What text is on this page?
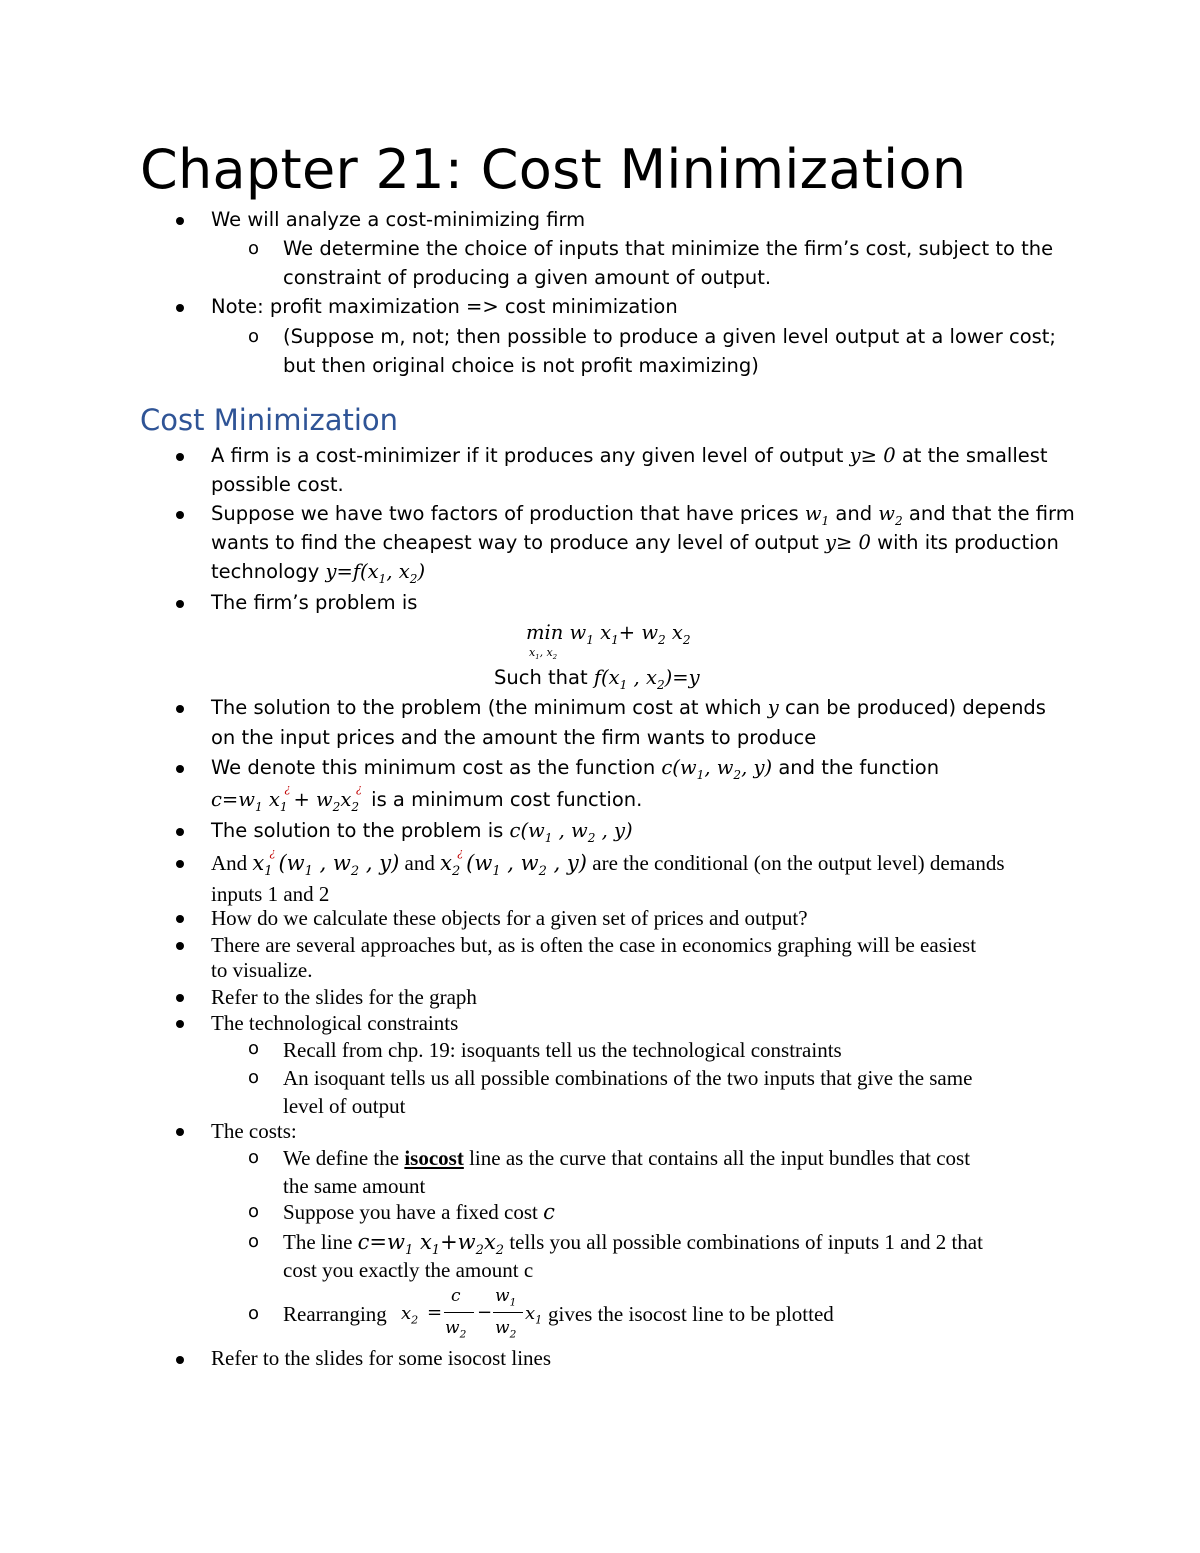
Chapter 21: Cost Minimization
We will analyze a cost-minimizing firm
o We determine the choice of inputs that minimize the firm’s cost, subject to the
constraint of producing a given amount of output.
Note: profit maximization => cost minimization
o (Suppose m, not; then possible to produce a given level output at a lower cost;
but then original choice is not profit maximizing)
Cost Minimization
A firm is a cost-minimizer if it produces any given level of output y≥ 0 at the smallest
possible cost.
Suppose we have two factors of production that have prices $w_1$ and $w_2$ and that the firm
wants to find the cheapest way to produce any level of output y≥ 0 with its production
technology $y=f(x_1$, $x_2$)
The firm’s problem is
$\min w_1$ $x_1+ w_2$ $x_2$
$x_1$, $x_2$
Such that $f(x_1$ , $x_2)=y$
The solution to the problem (the minimum cost at which y can be produced) depends
on the input prices and the amount the firm wants to produce
We denote this minimum cost as the function $c(w_1$, $w_2$, y) and the function
$c=w_1$ $x_1^¿ + w_2x_2^¿$ is a minimum cost function.
The solution to the problem is $c(w_1$ , $w_2$ , y)
And $x_1^¿$ ($w_1$ , $w_2$ , y) and $x_2^¿$ ($w_1$ , $w_2$ , y) are the conditional (on the output level) demands
inputs 1 and 2
How do we calculate these objects for a given set of prices and output?
There are several approaches but, as is often the case in economics graphing will be easiest
to visualize.
Refer to the slides for the graph
The technological constraints
o Recall from chp. 19: isoquants tell us the technological constraints
o An isoquant tells us all possible combinations of the two inputs that give the same
level of output
The costs:
o We define the isocost line as the curve that contains all the input bundles that cost
the same amount
o Suppose you have a fixed cost c
o The line $c=w_1$ $x_1+w_2x_2$ tells you all possible combinations of inputs 1 and 2 that
cost you exactly the amount c
o Rearranging $x_2$ =
c
$w_2$
−
$w_1$
$w_2$
$x_1$ gives the isocost line to be plotted
Refer to the slides for some isocost lines
